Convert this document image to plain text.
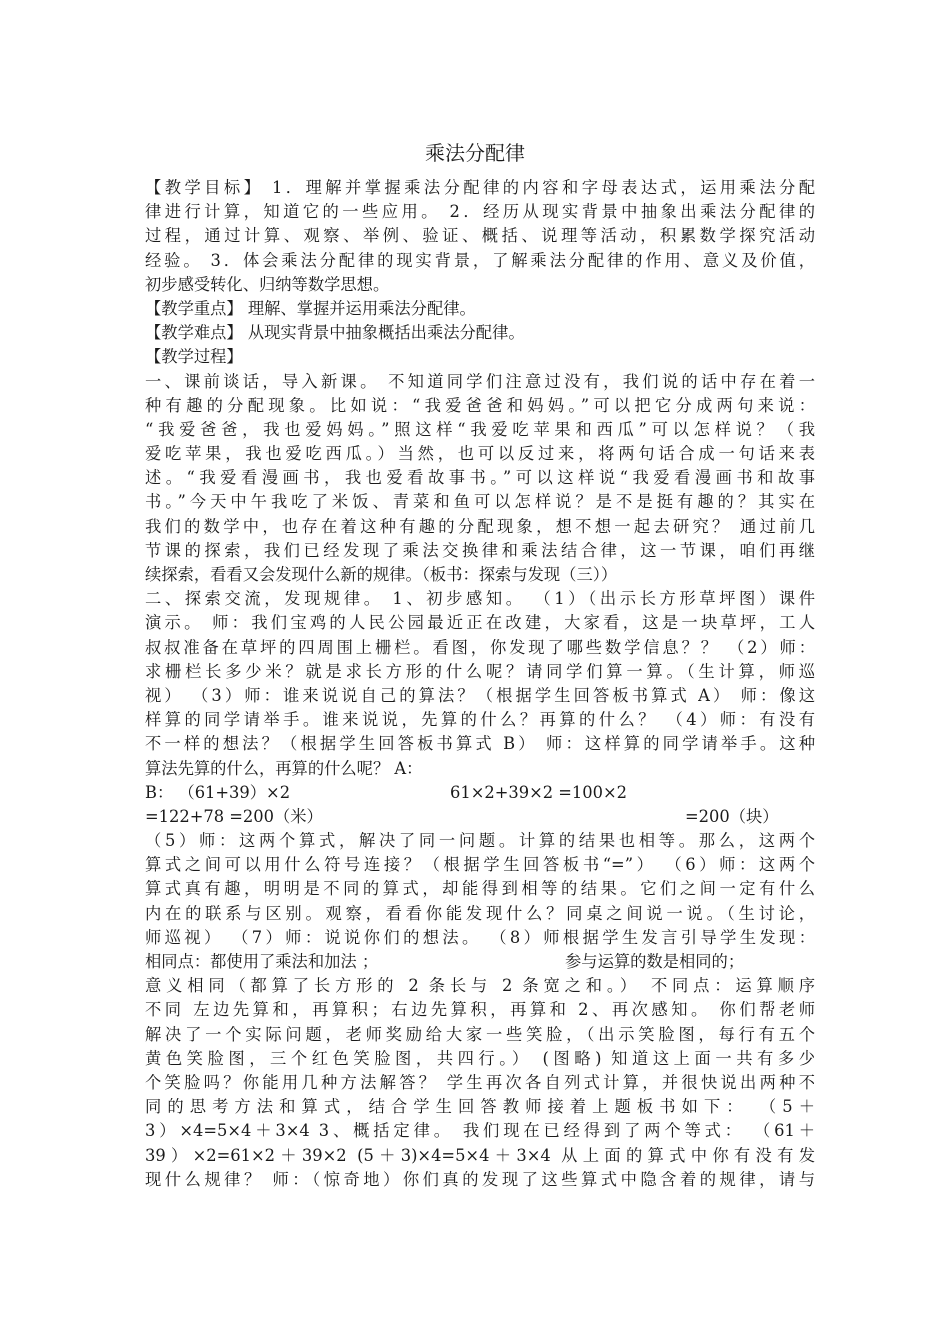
乘法分配律
【教学目标】 1．理解并掌握乘法分配律的内容和字母表达式，运用乘法分配
律进行计算，知道它的一些应用。 2．经历从现实背景中抽象出乘法分配律的
过程，通过计算、观察、举例、验证、概括、说理等活动，积累数学探究活动
经验。 3．体会乘法分配律的现实背景，了解乘法分配律的作用、意义及价值，
初步感受转化、归纳等数学思想。
【教学重点】 理解、掌握并运用乘法分配律。
【教学难点】 从现实背景中抽象概括出乘法分配律。
【教学过程】
一、课前谈话，导入新课。 不知道同学们注意过没有，我们说的话中存在着一
种有趣的分配现象。比如说：“我爱爸爸和妈妈。”可以把它分成两句来说：
“我爱爸爸，我也爱妈妈。”照这样“我爱吃苹果和西瓜”可以怎样说？（我
爱吃苹果，我也爱吃西瓜。）当然，也可以反过来，将两句话合成一句话来表
述。“我爱看漫画书，我也爱看故事书。”可以这样说“我爱看漫画书和故事
书。”今天中午我吃了米饭、青菜和鱼可以怎样说？是不是挺有趣的？其实在
我们的数学中，也存在着这种有趣的分配现象，想不想一起去研究？ 通过前几
节课的探索，我们已经发现了乘法交换律和乘法结合律，这一节课，咱们再继
续探索，看看又会发现什么新的规律。（板书：探索与发现（三））
二、探索交流，发现规律。 1、初步感知。 （1）（出示长方形草坪图）课件
演示。 师：我们宝鸡的人民公园最近正在改建，大家看，这是一块草坪，工人
叔叔准备在草坪的四周围上栅栏。看图，你发现了哪些数学信息？？ （2）师：
求栅栏长多少米？就是求长方形的什么呢？请同学们算一算。（生计算，师巡
视） （3）师：谁来说说自己的算法？（根据学生回答板书算式 A） 师：像这
样算的同学请举手。谁来说说，先算的什么？再算的什么？ （4）师：有没有
不一样的想法？（根据学生回答板书算式 B） 师：这样算的同学请举手。这种
算法先算的什么，再算的什么呢？ A：
B： （61+39）×2	61×2+39×2 =100×2
=122+78 =200（米）	=200（块）
（5）师：这两个算式，解决了同一问题。计算的结果也相等。那么，这两个
算式之间可以用什么符号连接？（根据学生回答板书“=”） （6）师：这两个
算式真有趣，明明是不同的算式，却能得到相等的结果。它们之间一定有什么
内在的联系与区别。观察，看看你能发现什么？同桌之间说一说。（生讨论，
师巡视） （7）师：说说你们的想法。 （8）师根据学生发言引导学生发现：
相同点：都使用了乘法和加法 ；	参与运算的数是相同的；
意义相同（都算了长方形的 2 条长与 2 条宽之和。） 不同点：运算顺序
不同 左边先算和，再算积；右边先算积，再算和 2、再次感知。 你们帮老师
解决了一个实际问题，老师奖励给大家一些笑脸，（出示笑脸图，每行有五个
黄色笑脸图，三个红色笑脸图，共四行。） (图略) 知道这上面一共有多少
个笑脸吗？你能用几种方法解答？ 学生再次各自列式计算，并很快说出两种不
同的思考方法和算式，结合学生回答教师接着上题板书如下： （5＋
3）×4=5×4＋3×4 3、概括定律。 我们现在已经得到了两个等式： （61＋
39）×2=61×2＋39×2 (5＋3)×4=5×4＋3×4 从上面的算式中你有没有发
现什么规律？ 师：（惊奇地）你们真的发现了这些算式中隐含着的规律，请与
